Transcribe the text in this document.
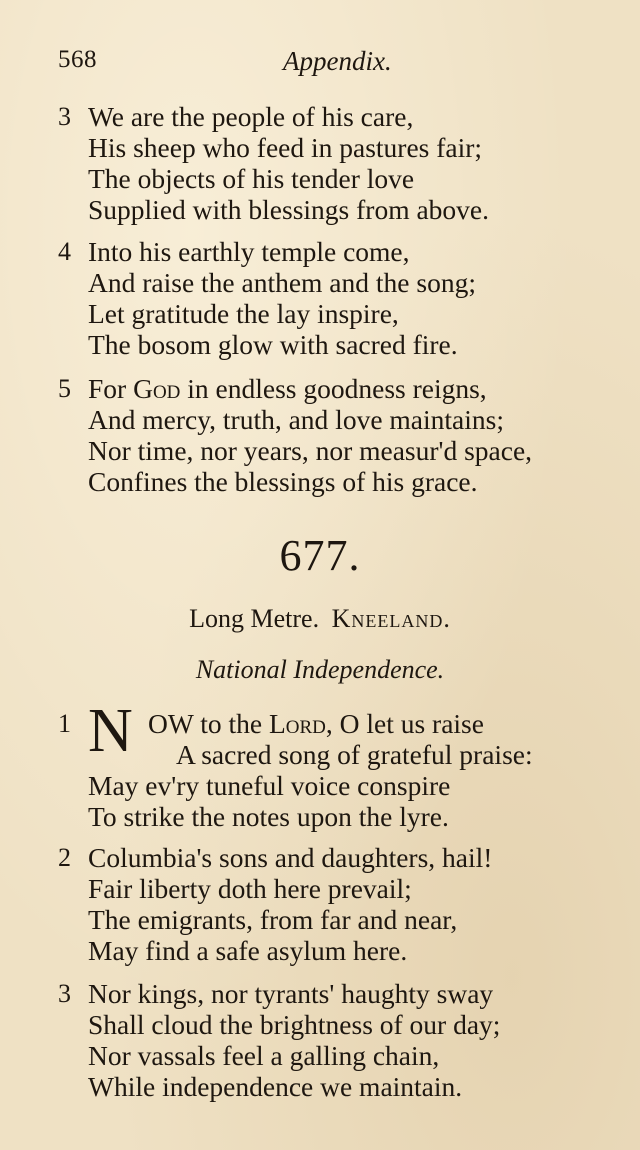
568	Appendix.
3 We are the people of his care,
His sheep who feed in pastures fair;
The objects of his tender love
Supplied with blessings from above.
4 Into his earthly temple come,
And raise the anthem and the song;
Let gratitude the lay inspire,
The bosom glow with sacred fire.
5 For God in endless goodness reigns,
And mercy, truth, and love maintains;
Nor time, nor years, nor measur'd space,
Confines the blessings of his grace.
677.
Long Metre. Kneeland.
National Independence.
N
1	OW to the Lord, O let us raise
A sacred song of grateful praise:
May ev'ry tuneful voice conspire
To strike the notes upon the lyre.
2 Columbia's sons and daughters, hail!
Fair liberty doth here prevail;
The emigrants, from far and near,
May find a safe asylum here.
3 Nor kings, nor tyrants' haughty sway
Shall cloud the brightness of our day;
Nor vassals feel a galling chain,
While independence we maintain.
